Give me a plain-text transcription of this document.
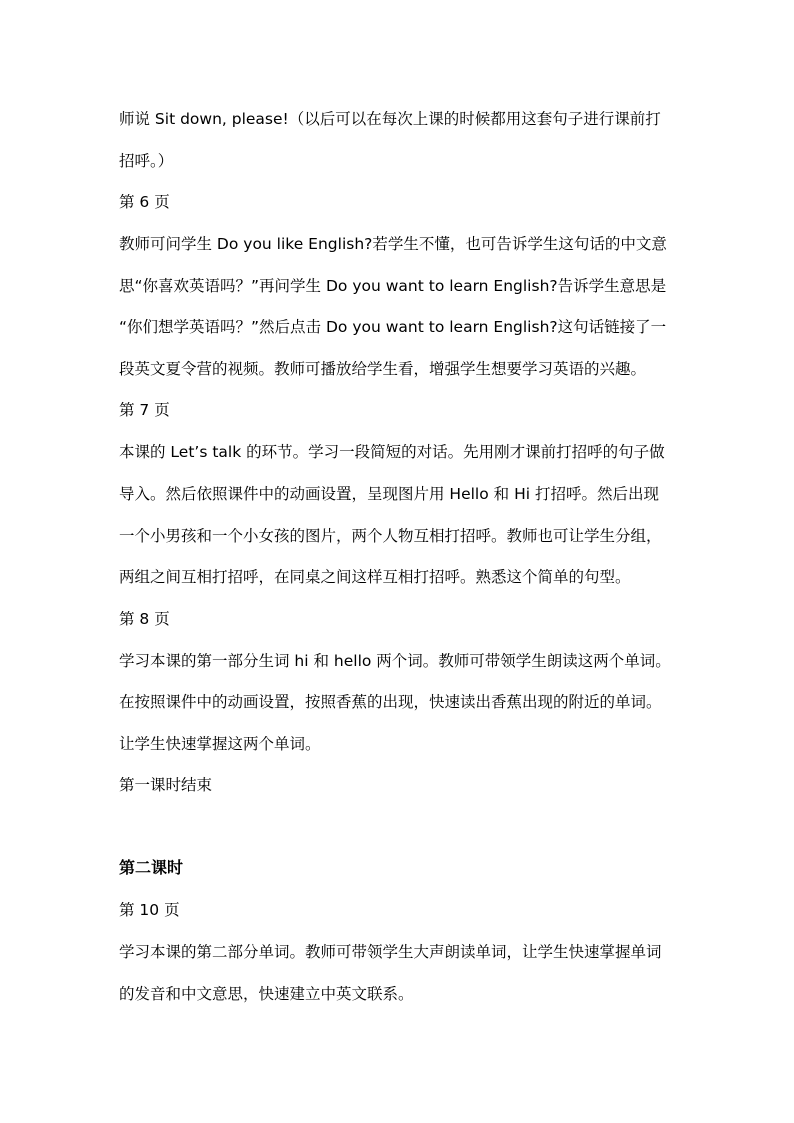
师说 Sit down, please!（以后可以在每次上课的时候都用这套句子进行课前打
招呼。）
第 6 页
教师可问学生 Do you like English?若学生不懂，也可告诉学生这句话的中文意
思“你喜欢英语吗？”再问学生 Do you want to learn English?告诉学生意思是
“你们想学英语吗？”然后点击 Do you want to learn English?这句话链接了一
段英文夏令营的视频。教师可播放给学生看，增强学生想要学习英语的兴趣。
第 7 页
本课的 Let’s talk 的环节。学习一段简短的对话。先用刚才课前打招呼的句子做
导入。然后依照课件中的动画设置，呈现图片用 Hello 和 Hi 打招呼。然后出现
一个小男孩和一个小女孩的图片，两个人物互相打招呼。教师也可让学生分组，
两组之间互相打招呼，在同桌之间这样互相打招呼。熟悉这个简单的句型。
第 8 页
学习本课的第一部分生词 hi 和 hello 两个词。教师可带领学生朗读这两个单词。
在按照课件中的动画设置，按照香蕉的出现，快速读出香蕉出现的附近的单词。
让学生快速掌握这两个单词。
第一课时结束
第二课时
第 10 页
学习本课的第二部分单词。教师可带领学生大声朗读单词，让学生快速掌握单词
的发音和中文意思，快速建立中英文联系。
